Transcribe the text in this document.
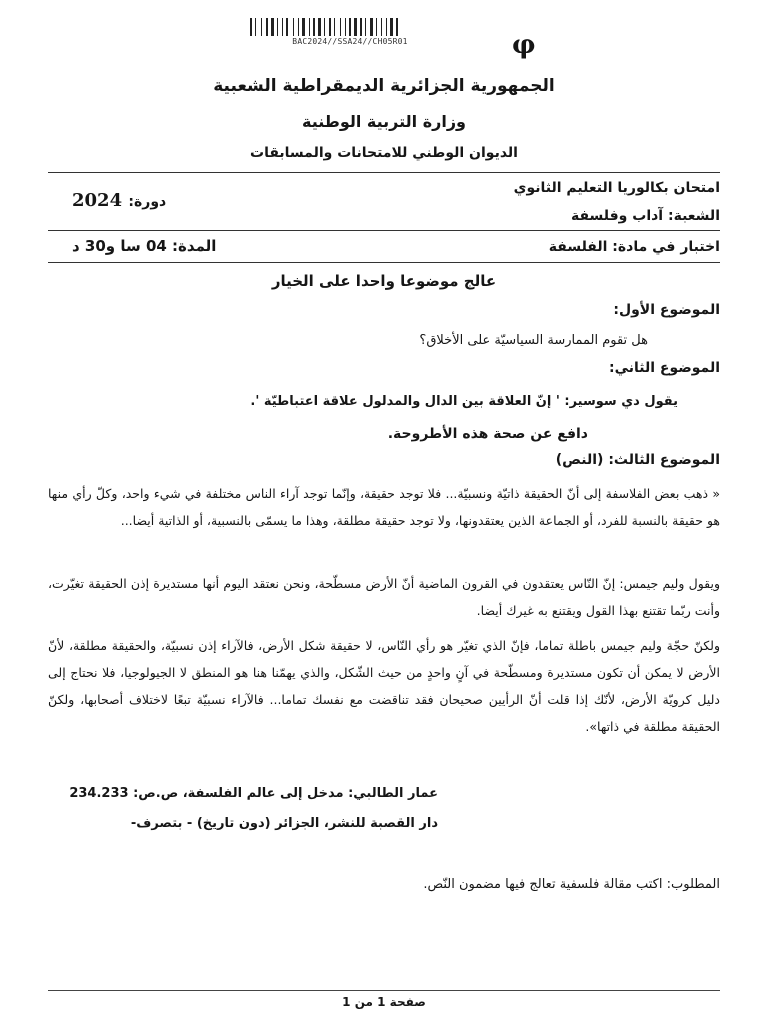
BAC2024//SSA24//CH05R01	φ
الجمهورية الجزائرية الديمقراطية الشعبية
وزارة التربية الوطنية
الديوان الوطني للامتحانات والمسابقات
امتحان بكالوريا التعليم الثانوي
2024 دورة:
الشعبة: آداب وفلسفة
اختبار في مادة: الفلسفة
المدة: 04 سا و30 د
عالج موضوعا واحدا على الخيار
الموضوع الأول:
هل تقوم الممارسة السياسيّة على الأخلاق؟
الموضوع الثاني:
يقول دي سوسير: ' إنّ العلاقة بين الدال والمدلول علاقة اعتباطيّة '.
دافع عن صحة هذه الأطروحة.
الموضوع الثالث: (النص)
« ذهب بعض الفلاسفة إلى أنّ الحقيقة ذاتيّة ونسبيّة... فلا توجد حقيقة، وإنّما توجد آراء الناس مختلفة في شيء واحد، وكلّ رأي منها هو حقيقة بالنسبة للفرد، أو الجماعة الذين يعتقدونها، ولا توجد حقيقة مطلقة، وهذا ما يسمّى بالنسبية، أو الذاتية أيضا...
ويقول وليم جيمس: إنّ النّاس يعتقدون في القرون الماضية أنّ الأرض مسطّحة، ونحن نعتقد اليوم أنها مستديرة إذن الحقيقة تغيّرت، وأنت ربّما تقتنع بهذا القول ويقتنع به غيرك أيضا.
ولكنّ حجّة وليم جيمس باطلة تماما، فإنّ الذي تغيّر هو رأي النّاس، لا حقيقة شكل الأرض، فالآراء إذن نسبيّة، والحقيقة مطلقة، لأنّ الأرض لا يمكن أن تكون مستديرة ومسطّحة في آنٍ واحدٍ من حيث الشّكل، والذي يهمّنا هنا هو المنطق لا الجيولوجيا، فلا نحتاج إلى دليل كرويّة الأرض، لأنّك إذا قلت أنّ الرأيين صحيحان فقد تناقضت مع نفسك تماما... فالآراء نسبيّة تبعًا لاختلاف أصحابها، ولكنّ الحقيقة مطلقة في ذاتها».
عمار الطالبي: مدخل إلى عالم الفلسفة، ص.ص: 234.233
دار القصبة للنشر، الجزائر (دون تاريخ) - بتصرف-
المطلوب: اكتب مقالة فلسفية تعالج فيها مضمون النّص.
صفحة 1 من 1
